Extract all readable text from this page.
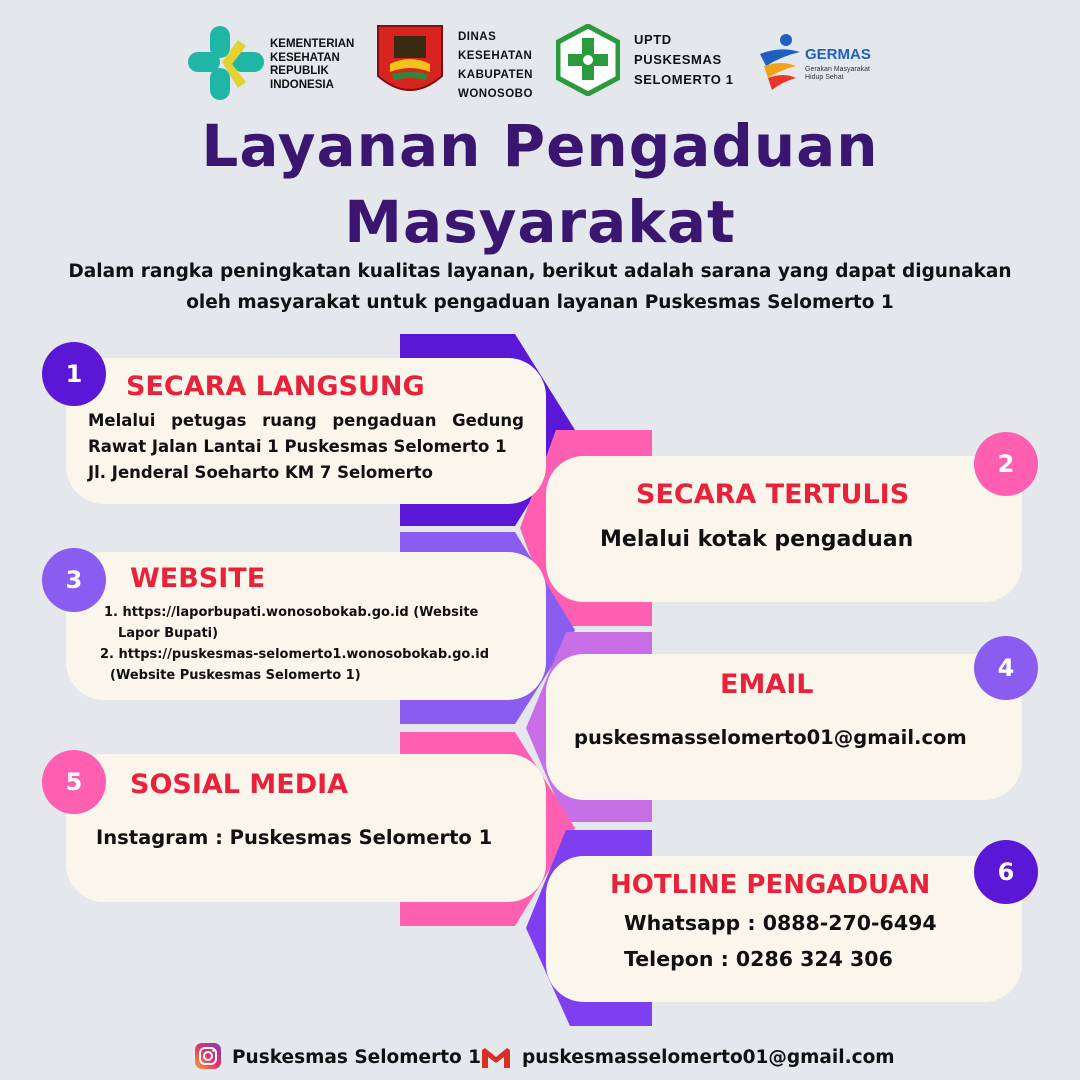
KEMENTERIAN
KESEHATAN
REPUBLIK
INDONESIA
DINAS
KESEHATAN
KABUPATEN
WONOSOBO
UPTD
PUSKESMAS
SELOMERTO 1
GERMAS
Gerakan Masyarakat Hidup Sehat
Layanan Pengaduan
Masyarakat
Dalam rangka peningkatan kualitas layanan, berikut adalah sarana yang dapat digunakan
oleh masyarakat untuk pengaduan layanan Puskesmas Selomerto 1
1	SECARA LANGSUNG
Melalui petugas ruang pengaduan Gedung
Rawat Jalan Lantai 1 Puskesmas Selomerto 1
Jl. Jenderal Soeharto KM 7 Selomerto	2
SECARA TERTULIS
Melalui kotak pengaduan
3	WEBSITE
1. https://laporbupati.wonosobokab.go.id (Website
Lapor Bupati)
2. https://puskesmas-selomerto1.wonosobokab.go.id
(Website Puskesmas Selomerto 1)	4
EMAIL
puskesmasselomerto01@gmail.com
5	SOSIAL MEDIA
Instagram : Puskesmas Selomerto 1
6
HOTLINE PENGADUAN
Whatsapp : 0888-270-6494
Telepon : 0286 324 306
Puskesmas Selomerto 1 puskesmasselomerto01@gmail.com
